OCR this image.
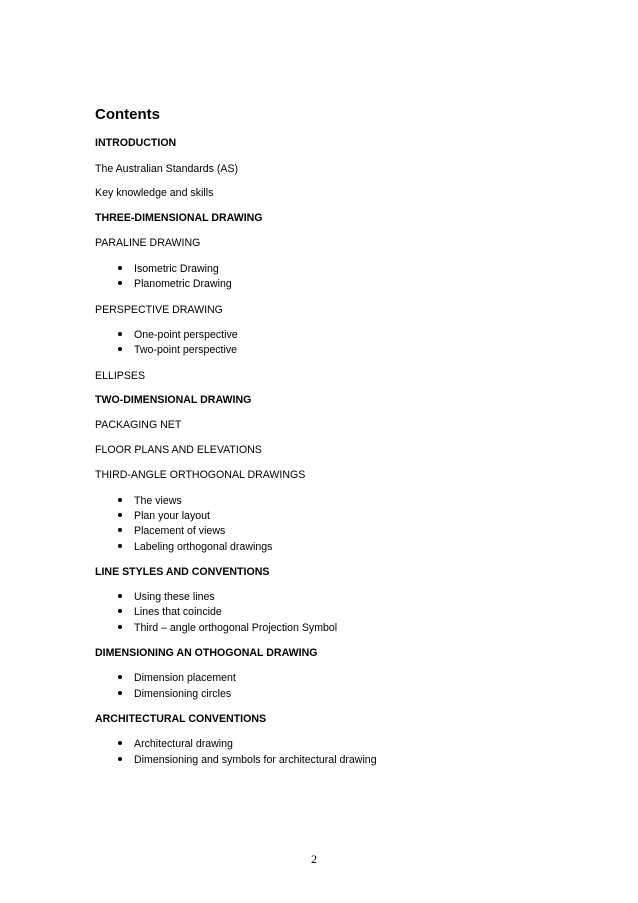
Contents
INTRODUCTION
The Australian Standards (AS)
Key knowledge and skills
THREE-DIMENSIONAL DRAWING
PARALINE DRAWING
Isometric Drawing
Planometric Drawing
PERSPECTIVE DRAWING
One-point perspective
Two-point perspective
ELLIPSES
TWO-DIMENSIONAL DRAWING
PACKAGING NET
FLOOR PLANS AND ELEVATIONS
THIRD-ANGLE ORTHOGONAL DRAWINGS
The views
Plan your layout
Placement of views
Labeling orthogonal drawings
LINE STYLES AND CONVENTIONS
Using these lines
Lines that coincide
Third – angle orthogonal Projection Symbol
DIMENSIONING AN OTHOGONAL DRAWING
Dimension placement
Dimensioning circles
ARCHITECTURAL CONVENTIONS
Architectural drawing
Dimensioning and symbols for architectural drawing
2
